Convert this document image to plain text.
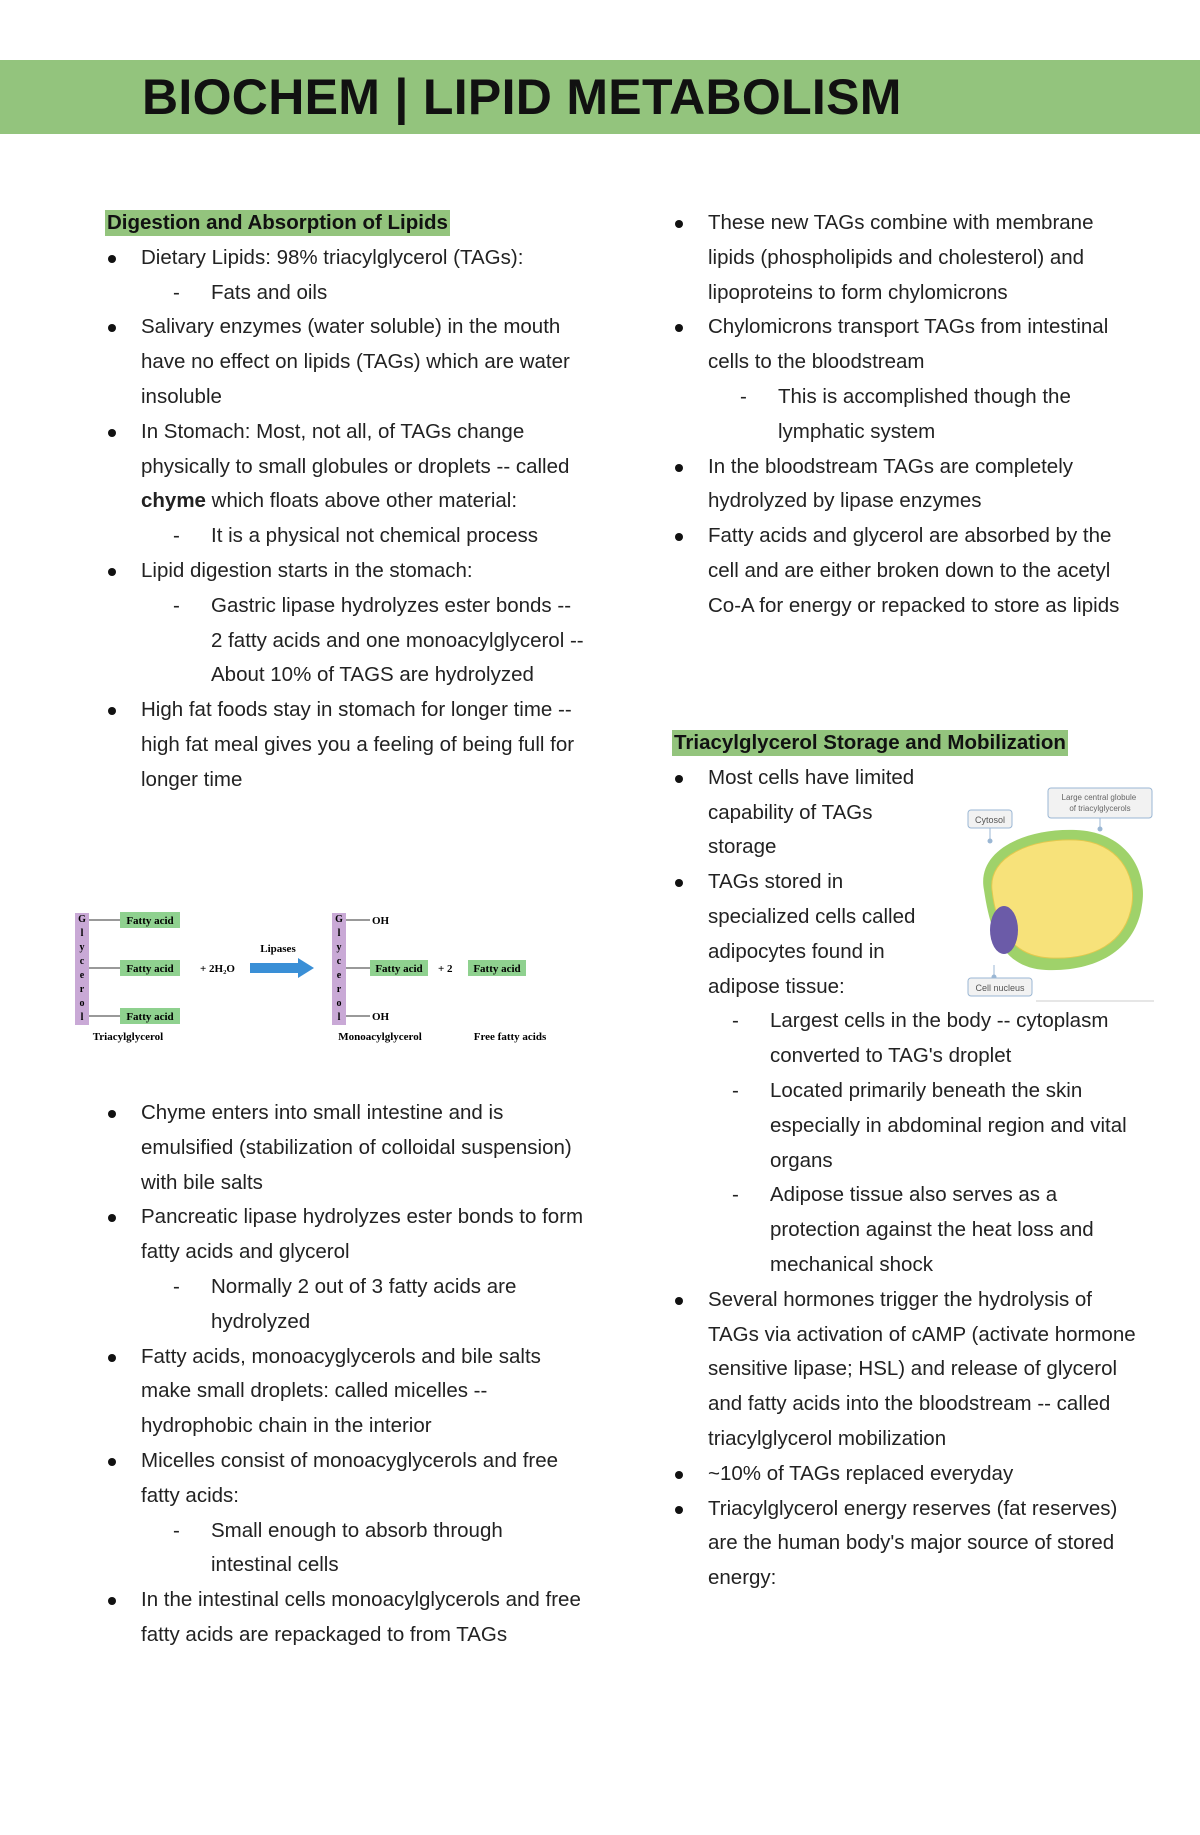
BIOCHEM | LIPID METABOLISM
Digestion and Absorption of Lipids
Dietary Lipids: 98% triacylglycerol (TAGs):
- Fats and oils
Salivary enzymes (water soluble) in the mouth have no effect on lipids (TAGs) which are water insoluble
In Stomach: Most, not all, of TAGs change physically to small globules or droplets -- called chyme which floats above other material:
- It is a physical not chemical process
Lipid digestion starts in the stomach:
- Gastric lipase hydrolyzes ester bonds -- 2 fatty acids and one monoacylglycerol --About 10% of TAGS are hydrolyzed
High fat foods stay in stomach for longer time -- high fat meal gives you a feeling of being full for longer time
G
l
y
c
e
r
o
l
Fatty acid
Fatty acid
Fatty acid
Triacylglycerol
+ 2H₂O
Lipases
G
l
y
c
e
r
o
l
OH
Fatty acid
OH
Monoacylglycerol
+ 2 Fatty acid
Free fatty acids
Chyme enters into small intestine and is emulsified (stabilization of colloidal suspension) with bile salts
Pancreatic lipase hydrolyzes ester bonds to form fatty acids and glycerol
- Normally 2 out of 3 fatty acids are hydrolyzed
Fatty acids, monoacyglycerols and bile salts make small droplets: called micelles -- hydrophobic chain in the interior
Micelles consist of monoacyglycerols and free fatty acids:
- Small enough to absorb through intestinal cells
In the intestinal cells monoacylglycerols and free fatty acids are repackaged to from TAGs
These new TAGs combine with membrane lipids (phospholipids and cholesterol) and lipoproteins to form chylomicrons
Chylomicrons transport TAGs from intestinal cells to the bloodstream
- This is accomplished though the lymphatic system
In the bloodstream TAGs are completely hydrolyzed by lipase enzymes
Fatty acids and glycerol are absorbed by the cell and are either broken down to the acetyl Co-A for energy or repacked to store as lipids
Triacylglycerol Storage and Mobilization
Most cells have limited capability of TAGs storage
TAGs stored in specialized cells called adipocytes found in adipose tissue:
- Largest cells in the body -- cytoplasm converted to TAG's droplet
- Located primarily beneath the skin especially in abdominal region and vital organs
- Adipose tissue also serves as a protection against the heat loss and mechanical shock
Several hormones trigger the hydrolysis of TAGs via activation of cAMP (activate hormone sensitive lipase; HSL) and release of glycerol and fatty acids into the bloodstream -- called triacylglycerol mobilization
~10% of TAGs replaced everyday
Triacylglycerol energy reserves (fat reserves) are the human body's major source of stored energy:
Cytosol
Large central globule of triacylglycerols
Cell nucleus
